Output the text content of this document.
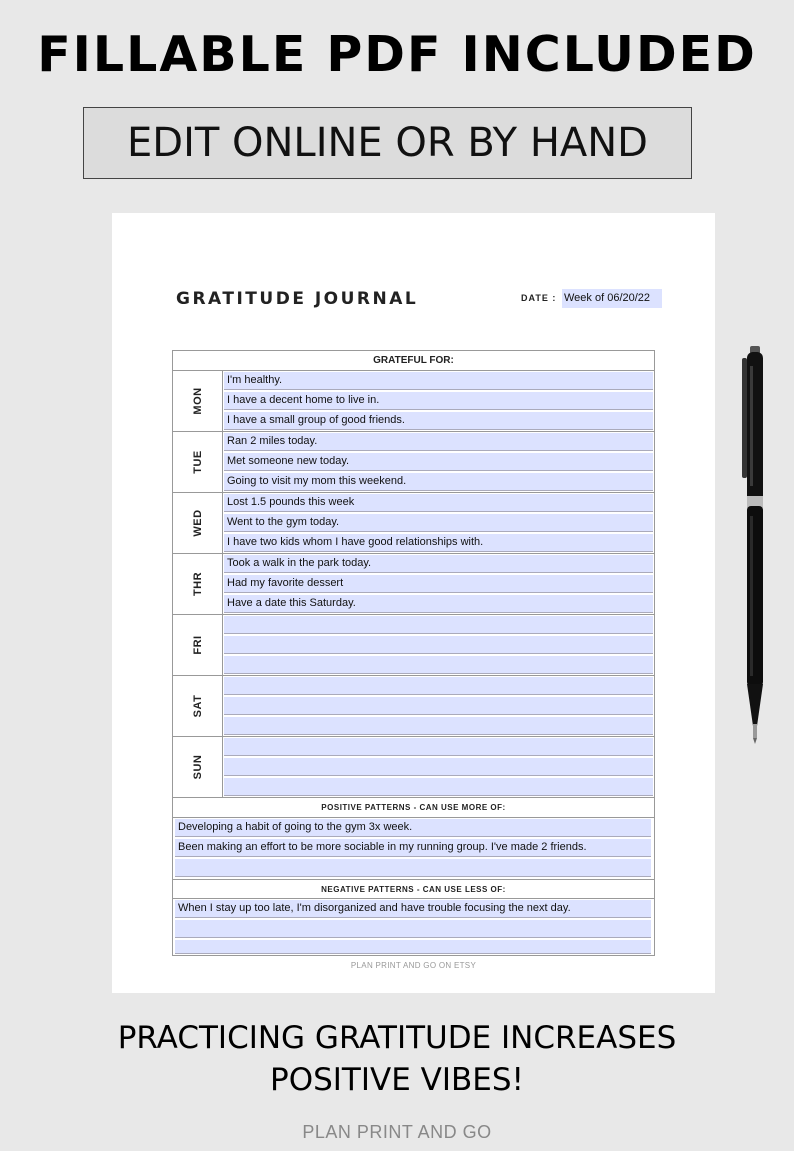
FILLABLE PDF INCLUDED
EDIT ONLINE OR BY HAND
GRATITUDE JOURNAL	DATE : Week of 06/20/22
GRATEFUL FOR:
MON
I'm healthy.
I have a decent home to live in.
I have a small group of good friends.
TUE
Ran 2 miles today.
Met someone new today.
Going to visit my mom this weekend.
WED
Lost 1.5 pounds this week
Went to the gym today.
I have two kids whom I have good relationships with.
THR
Took a walk in the park today.
Had my favorite dessert
Have a date this Saturday.
FRI
SAT
SUN
POSITIVE PATTERNS - CAN USE MORE OF:
Developing a habit of going to the gym 3x week.
Been making an effort to be more sociable in my running group. I've made 2 friends.
NEGATIVE PATTERNS - CAN USE LESS OF:
When I stay up too late, I'm disorganized and have trouble focusing the next day.
PLAN PRINT AND GO ON ETSY
PRACTICING GRATITUDE INCREASES
POSITIVE VIBES!
PLAN PRINT AND GO
